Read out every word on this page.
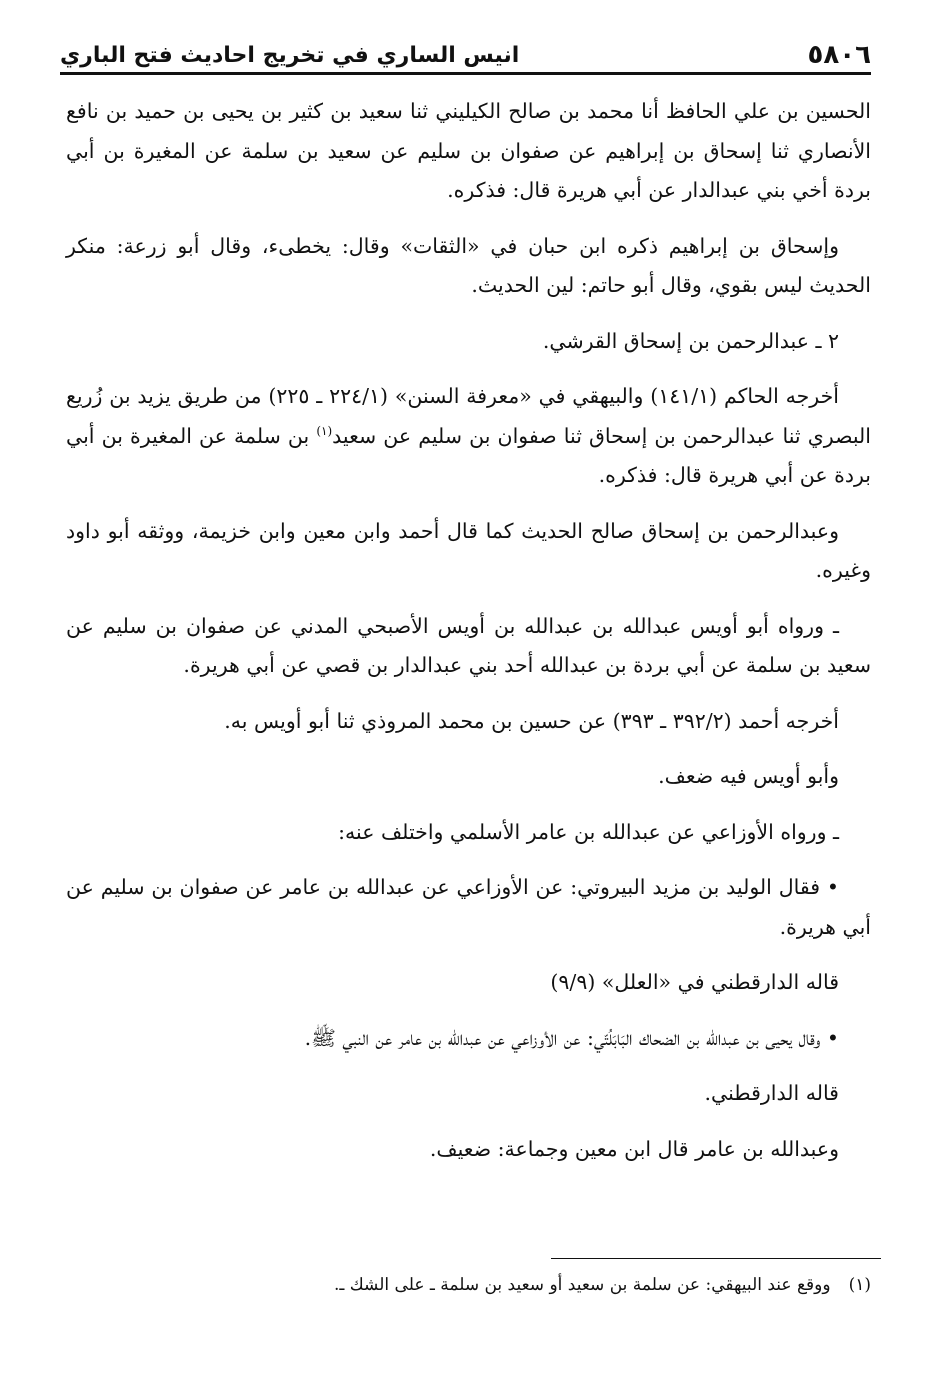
٥٨٠٦
انيس الساري في تخريج احاديث فتح الباري

الحسين بن علي الحافظ أنا محمد بن صالح الكيليني ثنا سعيد بن كثير بن يحيى بن حميد بن نافع الأنصاري ثنا إسحاق بن إبراهيم عن صفوان بن سليم عن سعيد بن سلمة عن المغيرة بن أبي بردة أخي بني عبدالدار عن أبي هريرة قال: فذكره.

وإسحاق بن إبراهيم ذكره ابن حبان في «الثقات» وقال: يخطىء، وقال أبو زرعة: منكر الحديث ليس بقوي، وقال أبو حاتم: لين الحديث.

٢ ـ عبدالرحمن بن إسحاق القرشي.

أخرجه الحاكم (١٤١/١) والبيهقي في «معرفة السنن» (٢٢٤/١ ـ ٢٢٥) من طريق يزيد بن زُريع البصري ثنا عبدالرحمن بن إسحاق ثنا صفوان بن سليم عن سعيد$^{(١)}$ بن سلمة عن المغيرة بن أبي بردة عن أبي هريرة قال: فذكره.

وعبدالرحمن بن إسحاق صالح الحديث كما قال أحمد وابن معين وابن خزيمة، ووثقه أبو داود وغيره.

ـ ورواه أبو أويس عبدالله بن عبدالله بن أويس الأصبحي المدني عن صفوان بن سليم عن سعيد بن سلمة عن أبي بردة بن عبدالله أحد بني عبدالدار بن قصي عن أبي هريرة.

أخرجه أحمد (٣٩٢/٢ ـ ٣٩٣) عن حسين بن محمد المروذي ثنا أبو أويس به.

وأبو أويس فيه ضعف.

ـ ورواه الأوزاعي عن عبدالله بن عامر الأسلمي واختلف عنه:

• فقال الوليد بن مزيد البيروتي: عن الأوزاعي عن عبدالله بن عامر عن صفوان بن سليم عن أبي هريرة.

قاله الدارقطني في «العلل» (٩/٩)

• وقال يحيى بن عبدالله بن الضحاك البَابَلُتّي: عن الأوزاعي عن عبدالله بن عامر عن النبي ﷺ.

قاله الدارقطني.

وعبدالله بن عامر قال ابن معين وجماعة: ضعيف.

(١)ووقع عند البيهقي: عن سلمة بن سعيد أو سعيد بن سلمة ـ على الشك ـ.
